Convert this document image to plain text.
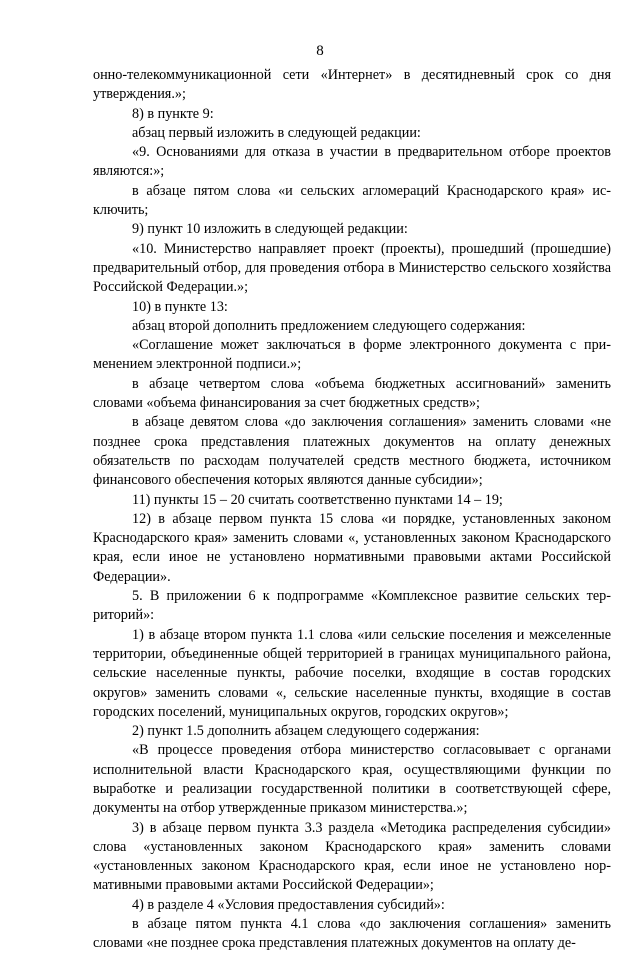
8

онно-телекоммуникационной сети «Интернет» в десятидневный срок со дня утверждения.»;

8) в пункте 9:

абзац первый изложить в следующей редакции:

«9. Основаниями для отказа в участии в предварительном отборе проектов являются:»;

в абзаце пятом слова «и сельских агломераций Краснодарского края» исключить;

9) пункт 10 изложить в следующей редакции:

«10. Министерство направляет проект (проекты), прошедший (прошедшие) предварительный отбор, для проведения отбора в Министерство сельского хозяйства Российской Федерации.»;

10) в пункте 13:

абзац второй дополнить предложением следующего содержания:

«Соглашение может заключаться в форме электронного документа с применением электронной подписи.»;

в абзаце четвертом слова «объема бюджетных ассигнований» заменить словами «объема финансирования за счет бюджетных средств»;

в абзаце девятом слова «до заключения соглашения» заменить словами «не позднее срока представления платежных документов на оплату денежных обязательств по расходам получателей средств местного бюджета, источником финансового обеспечения которых являются данные субсидии»;

11) пункты 15 – 20 считать соответственно пунктами 14 – 19;

12) в абзаце первом пункта 15 слова «и порядке, установленных законом Краснодарского края» заменить словами «, установленных законом Краснодарского края, если иное не установлено нормативными правовыми актами Российской Федерации».

5. В приложении 6 к подпрограмме «Комплексное развитие сельских территорий»:

1) в абзаце втором пункта 1.1 слова «или сельские поселения и межселенные территории, объединенные общей территорией в границах муниципального района, сельские населенные пункты, рабочие поселки, входящие в состав городских округов» заменить словами «, сельские населенные пункты, входящие в состав городских поселений, муниципальных округов, городских округов»;

2) пункт 1.5 дополнить абзацем следующего содержания:

«В процессе проведения отбора министерство согласовывает с органами исполнительной власти Краснодарского края, осуществляющими функции по выработке и реализации государственной политики в соответствующей сфере, документы на отбор утвержденные приказом министерства.»;

3) в абзаце первом пункта 3.3 раздела «Методика распределения субсидии» слова «установленных законом Краснодарского края» заменить словами «установленных законом Краснодарского края, если иное не установлено нормативными правовыми актами Российской Федерации»;

4) в разделе 4 «Условия предоставления субсидий»:

в абзаце пятом пункта 4.1 слова «до заключения соглашения» заменить словами «не позднее срока представления платежных документов на оплату де-
